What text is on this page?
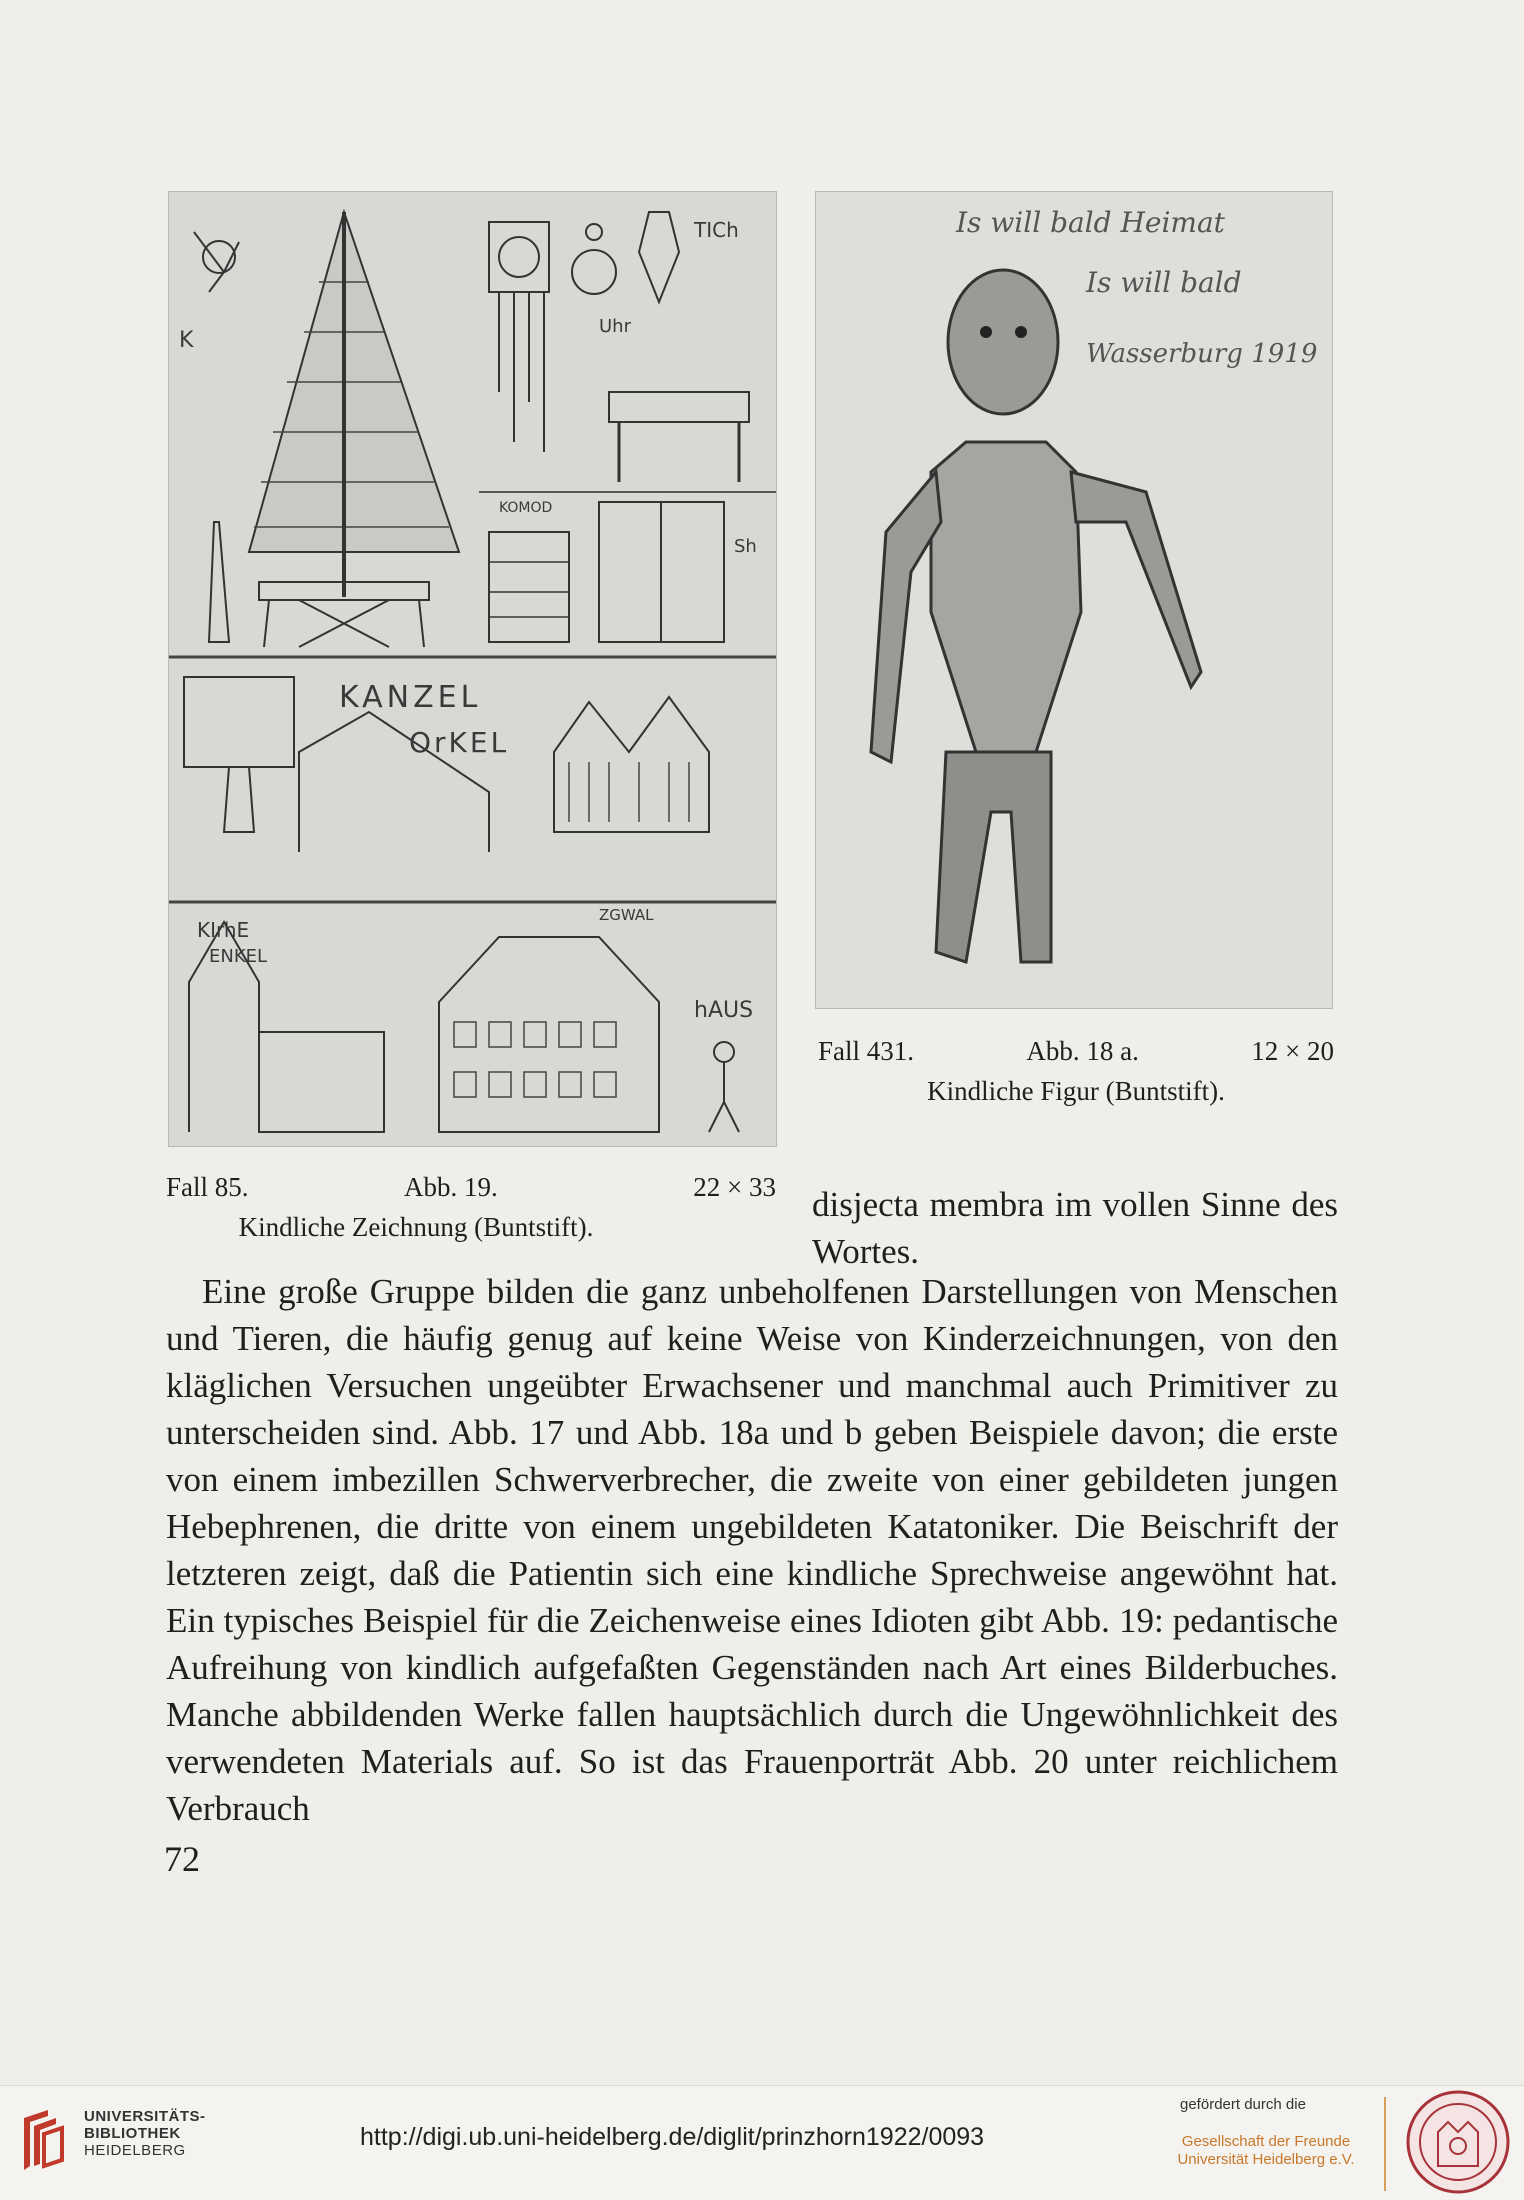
K
Uhr
TICh
KOMOD
Sh
KANZEL
OrKEL
KIrhE
ENKEL
ZGWAL
hAUS
Is will bald Heimat
Is will bald
Wasserburg 1919
Fall 85.	Abb. 19.	22 × 33
Kindliche Zeichnung (Buntstift).
Fall 431.	Abb. 18 a.	12 × 20
Kindliche Figur (Buntstift).
disjecta membra im vollen Sinne des Wortes.

Eine große Gruppe bilden die ganz unbeholfenen Darstellungen von Menschen und Tieren, die häufig genug auf keine Weise von Kinderzeichnungen, von den kläglichen Versuchen ungeübter Erwachsener und manchmal auch Primitiver zu unterscheiden sind. Abb. 17 und Abb. 18a und b geben Beispiele davon; die erste von einem imbezillen Schwerverbrecher, die zweite von einer gebildeten jungen Hebephrenen, die dritte von einem ungebildeten Katatoniker. Die Beischrift der letzteren zeigt, daß die Patientin sich eine kindliche Sprechweise angewöhnt hat. Ein typisches Beispiel für die Zeichenweise eines Idioten gibt Abb. 19: pedantische Aufreihung von kindlich aufgefaßten Gegenständen nach Art eines Bilderbuches. Manche abbildenden Werke fallen hauptsächlich durch die Ungewöhnlichkeit des verwendeten Materials auf. So ist das Frauenporträt Abb. 20 unter reichlichem Verbrauch

72
UNIVERSITÄTS-
BIBLIOTHEK
HEIDELBERG	http://digi.ub.uni-heidelberg.de/diglit/prinzhorn1922/0093
gefördert durch die
Gesellschaft der Freunde
Universität Heidelberg e.V.
